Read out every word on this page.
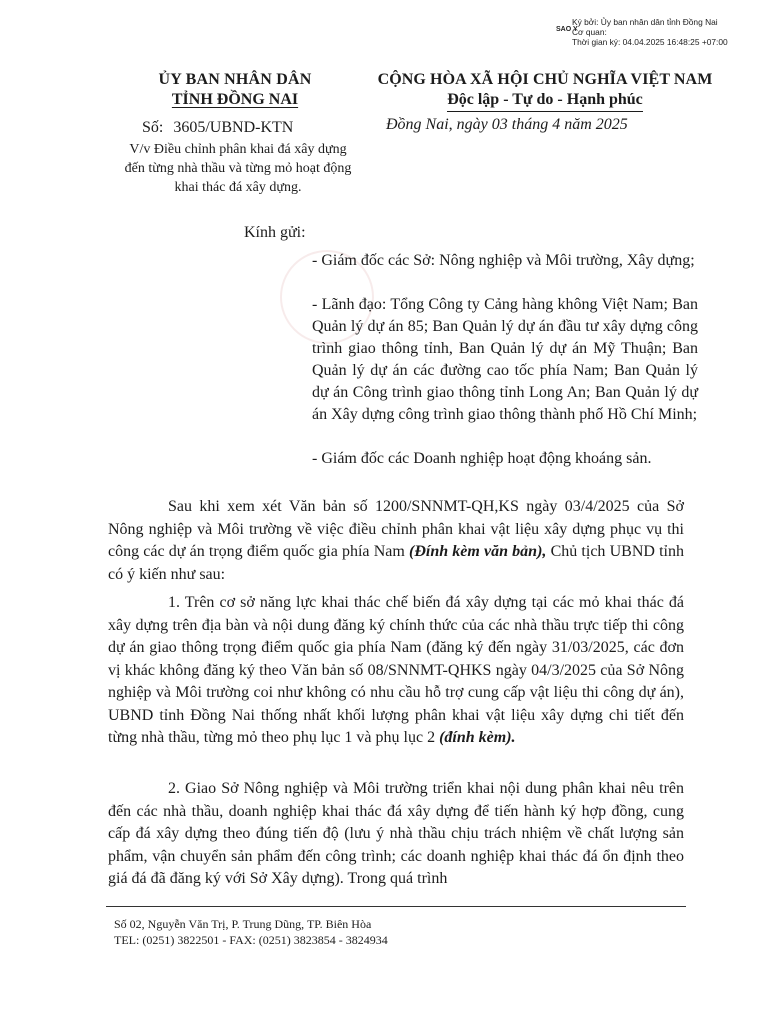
SAO Y
Ký bởi: Ủy ban nhân dân tỉnh Đồng Nai
Cơ quan:
Thời gian ký: 04.04.2025 16:48:25 +07:00
ỦY BAN NHÂN DÂN
TỈNH ĐỒNG NAI
Số: 3605/UBND-KTN
V/v Điều chỉnh phân khai đá xây dựng đến từng nhà thầu và từng mỏ hoạt động khai thác đá xây dựng.
CỘNG HÒA XÃ HỘI CHỦ NGHĨA VIỆT NAM
Độc lập - Tự do - Hạnh phúc
Đồng Nai, ngày 03 tháng 4 năm 2025
Kính gửi:
- Giám đốc các Sở: Nông nghiệp và Môi trường, Xây dựng;
- Lãnh đạo: Tổng Công ty Cảng hàng không Việt Nam; Ban Quản lý dự án 85; Ban Quản lý dự án đầu tư xây dựng công trình giao thông tỉnh, Ban Quản lý dự án Mỹ Thuận; Ban Quản lý dự án các đường cao tốc phía Nam; Ban Quản lý dự án Công trình giao thông tỉnh Long An; Ban Quản lý dự án Xây dựng công trình giao thông thành phố Hồ Chí Minh;
- Giám đốc các Doanh nghiệp hoạt động khoáng sản.
Sau khi xem xét Văn bản số 1200/SNNMT-QH,KS ngày 03/4/2025 của Sở Nông nghiệp và Môi trường về việc điều chỉnh phân khai vật liệu xây dựng phục vụ thi công các dự án trọng điểm quốc gia phía Nam (Đính kèm văn bản), Chủ tịch UBND tỉnh có ý kiến như sau:
1. Trên cơ sở năng lực khai thác chế biến đá xây dựng tại các mỏ khai thác đá xây dựng trên địa bàn và nội dung đăng ký chính thức của các nhà thầu trực tiếp thi công dự án giao thông trọng điểm quốc gia phía Nam (đăng ký đến ngày 31/03/2025, các đơn vị khác không đăng ký theo Văn bản số 08/SNNMT-QHKS ngày 04/3/2025 của Sở Nông nghiệp và Môi trường coi như không có nhu cầu hỗ trợ cung cấp vật liệu thi công dự án), UBND tỉnh Đồng Nai thống nhất khối lượng phân khai vật liệu xây dựng chi tiết đến từng nhà thầu, từng mỏ theo phụ lục 1 và phụ lục 2 (đính kèm).
2. Giao Sở Nông nghiệp và Môi trường triển khai nội dung phân khai nêu trên đến các nhà thầu, doanh nghiệp khai thác đá xây dựng để tiến hành ký hợp đồng, cung cấp đá xây dựng theo đúng tiến độ (lưu ý nhà thầu chịu trách nhiệm về chất lượng sản phẩm, vận chuyển sản phẩm đến công trình; các doanh nghiệp khai thác đá ổn định theo giá đá đã đăng ký với Sở Xây dựng). Trong quá trình
Số 02, Nguyễn Văn Trị, P. Trung Dũng, TP. Biên Hòa
TEL: (0251) 3822501 - FAX: (0251) 3823854 - 3824934
